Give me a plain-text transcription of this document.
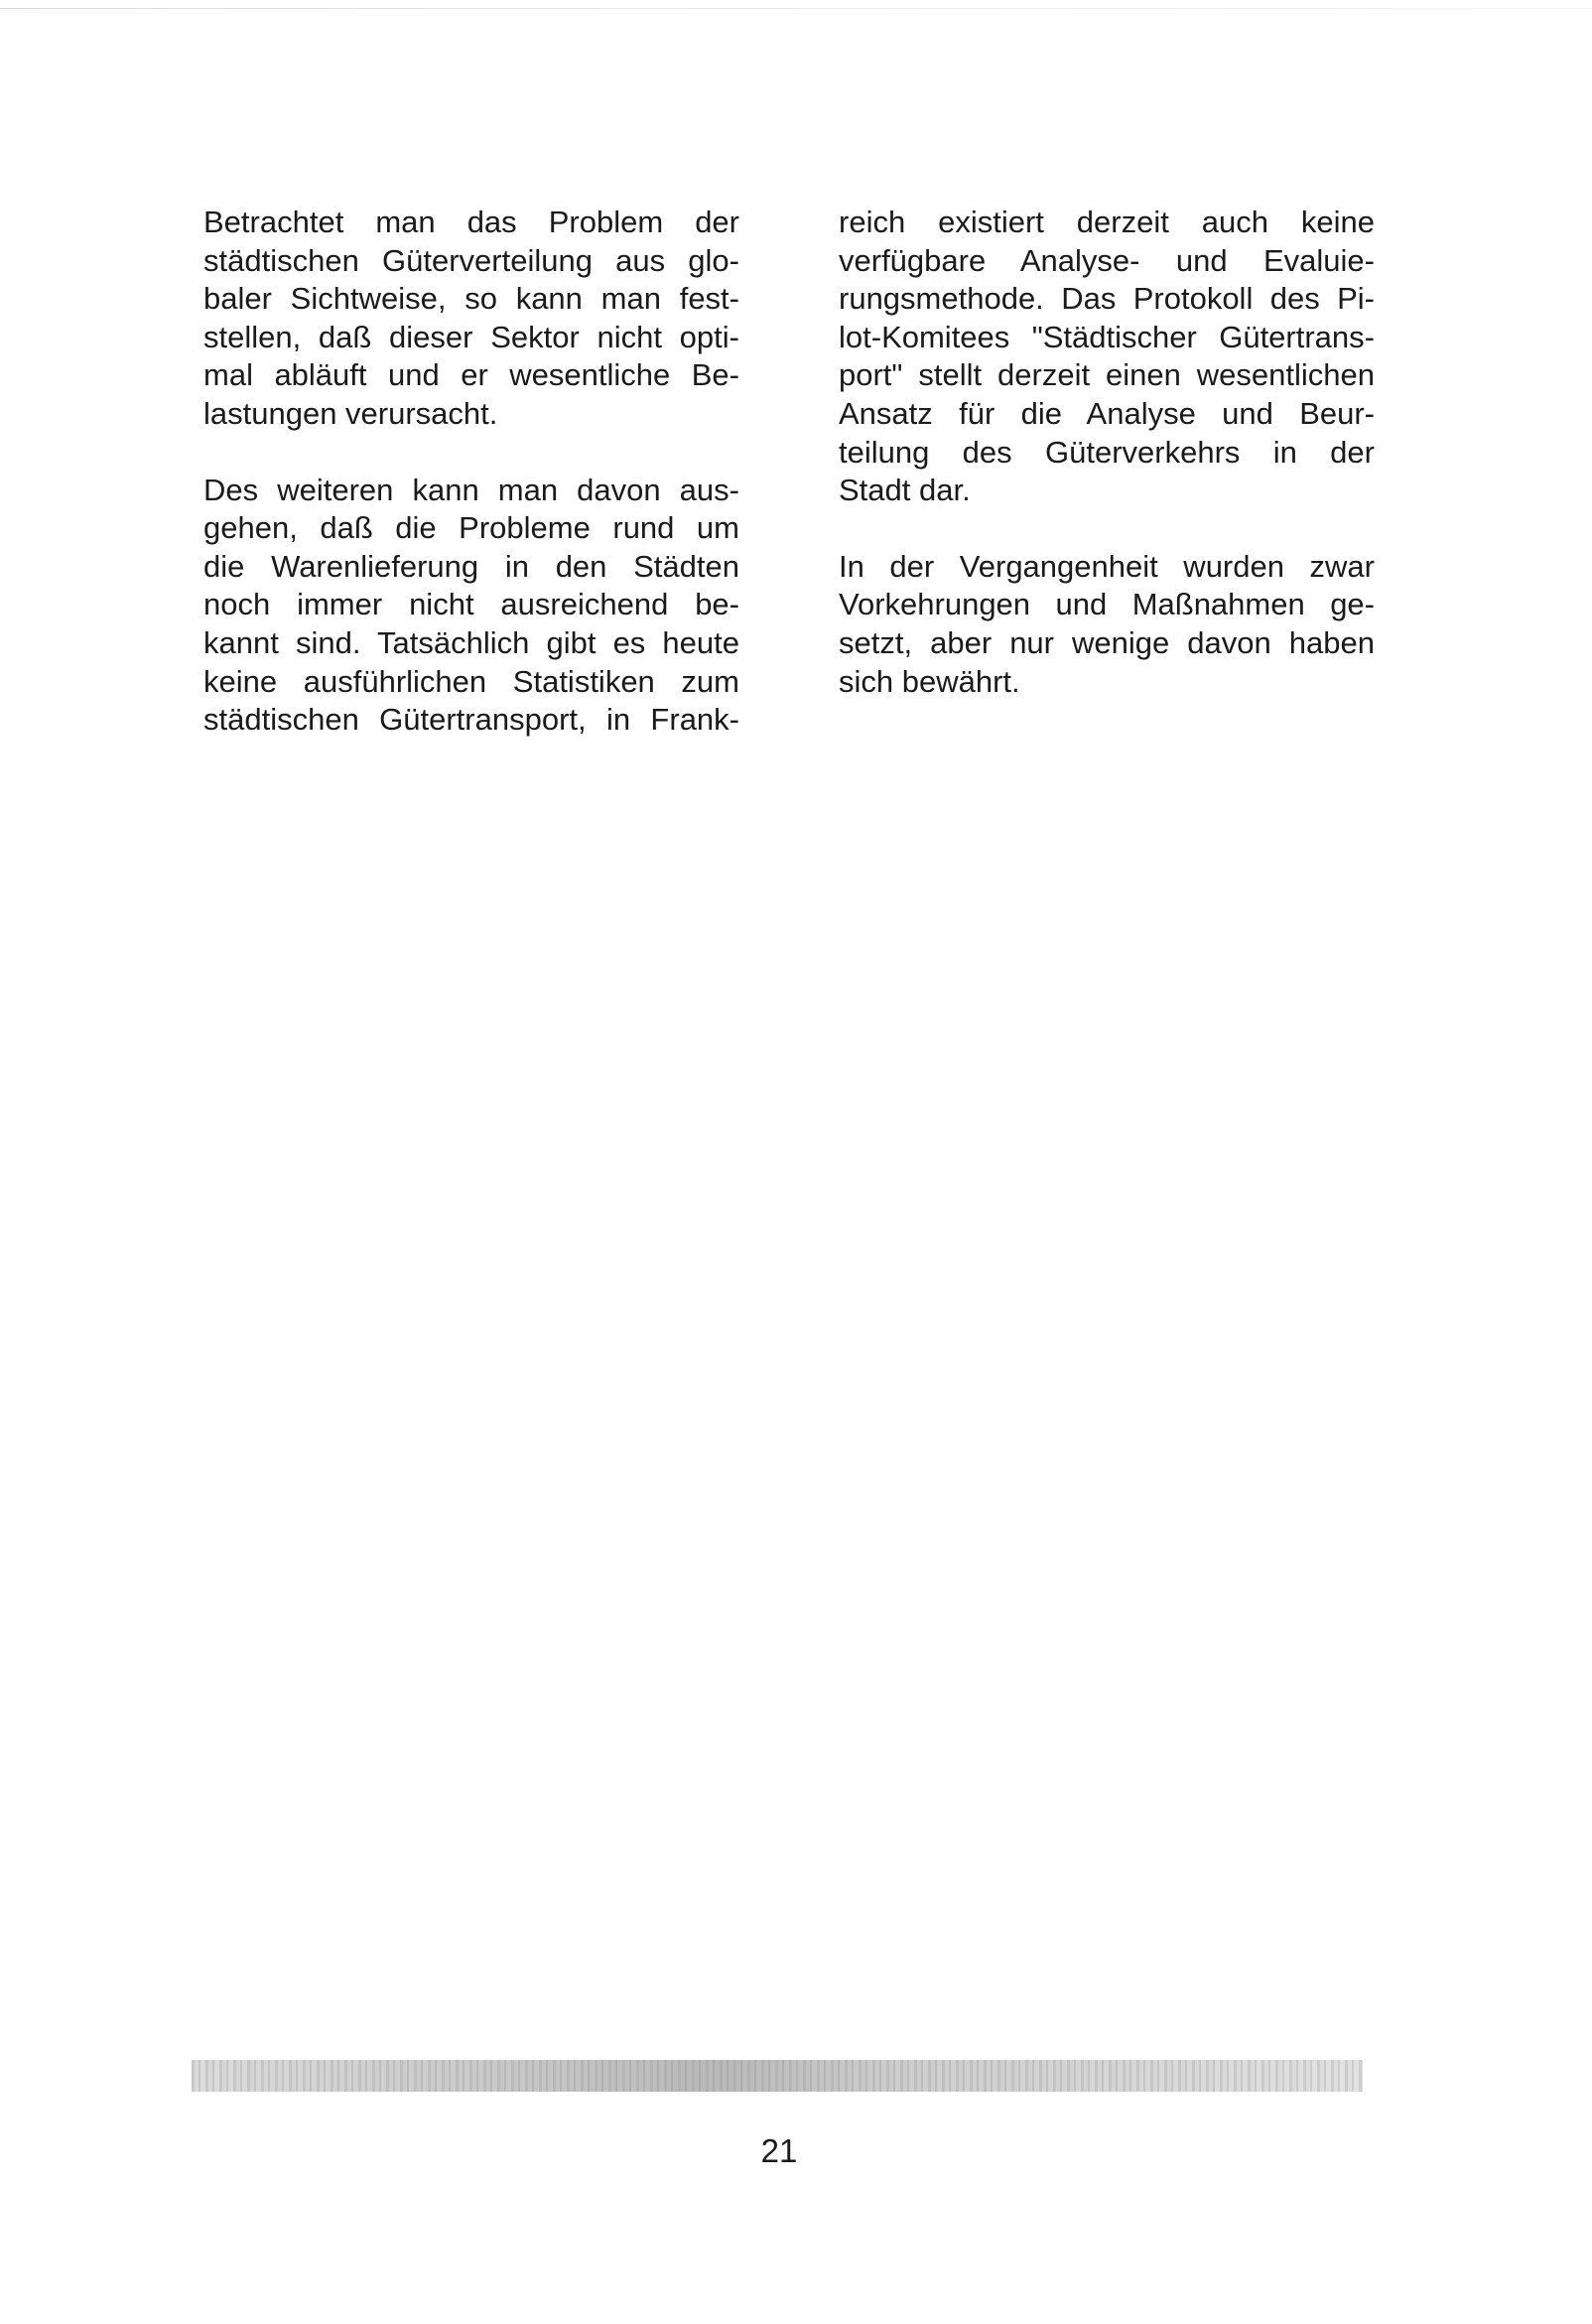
Betrachtet man das Problem der
städtischen Güterverteilung aus glo-
baler Sichtweise, so kann man fest-
stellen, daß dieser Sektor nicht opti-
mal abläuft und er wesentliche Be-
lastungen verursacht.

Des weiteren kann man davon aus-
gehen, daß die Probleme rund um
die Warenlieferung in den Städten
noch immer nicht ausreichend be-
kannt sind. Tatsächlich gibt es heute
keine ausführlichen Statistiken zum
städtischen Gütertransport, in Frank-

reich existiert derzeit auch keine
verfügbare Analyse- und Evaluie-
rungsmethode. Das Protokoll des Pi-
lot-Komitees "Städtischer Gütertrans-
port" stellt derzeit einen wesentlichen
Ansatz für die Analyse und Beur-
teilung des Güterverkehrs in der
Stadt dar.

In der Vergangenheit wurden zwar
Vorkehrungen und Maßnahmen ge-
setzt, aber nur wenige davon haben
sich bewährt.

21
